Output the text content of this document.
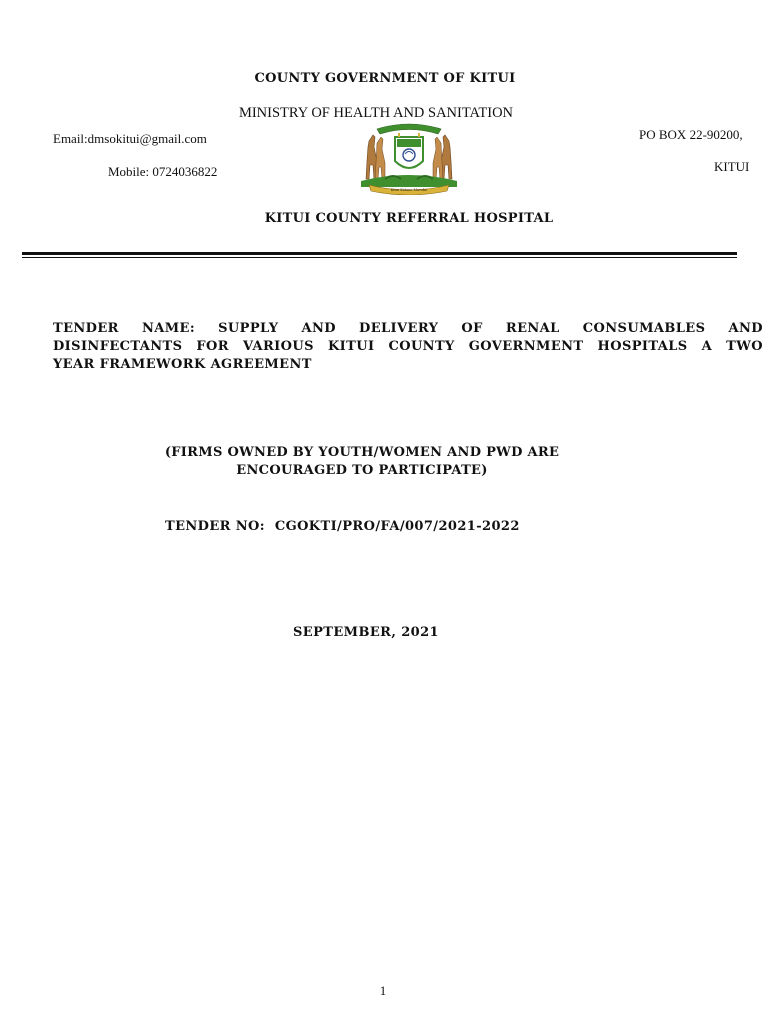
COUNTY GOVERNMENT OF KITUI
MINISTRY OF HEALTH AND SANITATION
Email:dmsokitui@gmail.com
Mobile: 0724036822
PO BOX 22-90200,
KITUI
Kitui Kutano Mavoko
KITUI COUNTY REFERRAL HOSPITAL
TENDER NAME: SUPPLY AND DELIVERY OF RENAL CONSUMABLES AND
DISINFECTANTS FOR VARIOUS KITUI COUNTY GOVERNMENT HOSPITALS A TWO
YEAR FRAMEWORK AGREEMENT
(FIRMS OWNED BY YOUTH/WOMEN AND PWD ARE
ENCOURAGED TO PARTICIPATE)
TENDER NO:  CGOKTI/PRO/FA/007/2021-2022
SEPTEMBER, 2021
1
